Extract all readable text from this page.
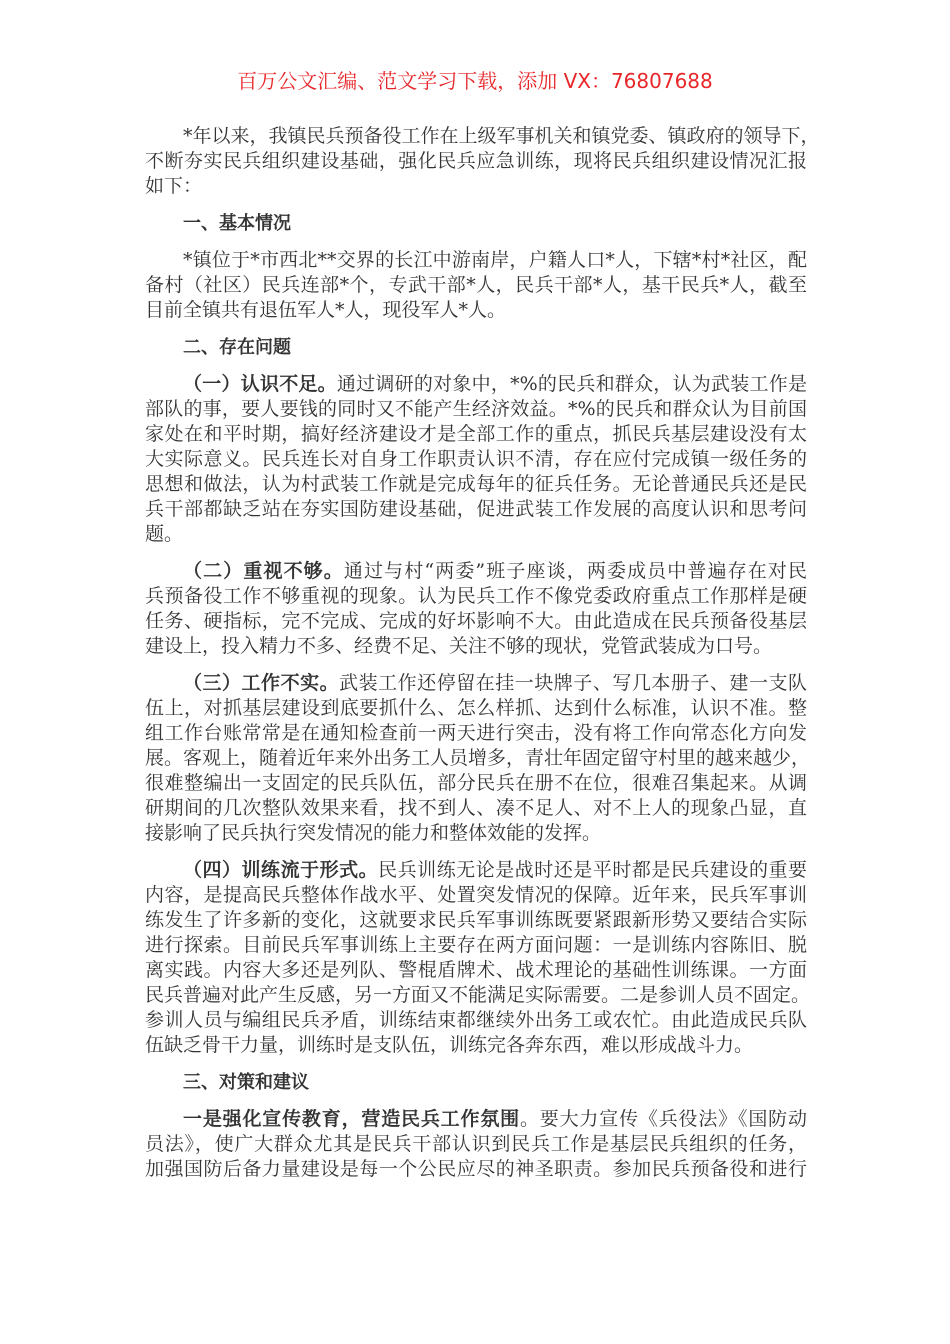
百万公文汇编、范文学习下载，添加 VX：76807688
*年以来，我镇民兵预备役工作在上级军事机关和镇党委、镇政府的领导下，
不断夯实民兵组织建设基础，强化民兵应急训练，现将民兵组织建设情况汇报
如下：
一、基本情况
*镇位于*市西北**交界的长江中游南岸，户籍人口*人，下辖*村*社区，配
备村（社区）民兵连部*个，专武干部*人，民兵干部*人，基干民兵*人，截至
目前全镇共有退伍军人*人，现役军人*人。
二、存在问题
（一）认识不足。通过调研的对象中，*%的民兵和群众，认为武装工作是
部队的事，要人要钱的同时又不能产生经济效益。*%的民兵和群众认为目前国
家处在和平时期，搞好经济建设才是全部工作的重点，抓民兵基层建设没有太
大实际意义。民兵连长对自身工作职责认识不清，存在应付完成镇一级任务的
思想和做法，认为村武装工作就是完成每年的征兵任务。无论普通民兵还是民
兵干部都缺乏站在夯实国防建设基础，促进武装工作发展的高度认识和思考问
题。
（二）重视不够。通过与村“两委”班子座谈，两委成员中普遍存在对民
兵预备役工作不够重视的现象。认为民兵工作不像党委政府重点工作那样是硬
任务、硬指标，完不完成、完成的好坏影响不大。由此造成在民兵预备役基层
建设上，投入精力不多、经费不足、关注不够的现状，党管武装成为口号。
（三）工作不实。武装工作还停留在挂一块牌子、写几本册子、建一支队
伍上，对抓基层建设到底要抓什么、怎么样抓、达到什么标准，认识不准。整
组工作台账常常是在通知检查前一两天进行突击，没有将工作向常态化方向发
展。客观上，随着近年来外出务工人员增多，青壮年固定留守村里的越来越少，
很难整编出一支固定的民兵队伍，部分民兵在册不在位，很难召集起来。从调
研期间的几次整队效果来看，找不到人、凑不足人、对不上人的现象凸显，直
接影响了民兵执行突发情况的能力和整体效能的发挥。
（四）训练流于形式。民兵训练无论是战时还是平时都是民兵建设的重要
内容，是提高民兵整体作战水平、处置突发情况的保障。近年来，民兵军事训
练发生了许多新的变化，这就要求民兵军事训练既要紧跟新形势又要结合实际
进行探索。目前民兵军事训练上主要存在两方面问题：一是训练内容陈旧、脱
离实践。内容大多还是列队、警棍盾牌术、战术理论的基础性训练课。一方面
民兵普遍对此产生反感，另一方面又不能满足实际需要。二是参训人员不固定。
参训人员与编组民兵矛盾，训练结束都继续外出务工或农忙。由此造成民兵队
伍缺乏骨干力量，训练时是支队伍，训练完各奔东西，难以形成战斗力。
三、对策和建议
一是强化宣传教育，营造民兵工作氛围。要大力宣传《兵役法》《国防动
员法》，使广大群众尤其是民兵干部认识到民兵工作是基层民兵组织的任务，
加强国防后备力量建设是每一个公民应尽的神圣职责。参加民兵预备役和进行
